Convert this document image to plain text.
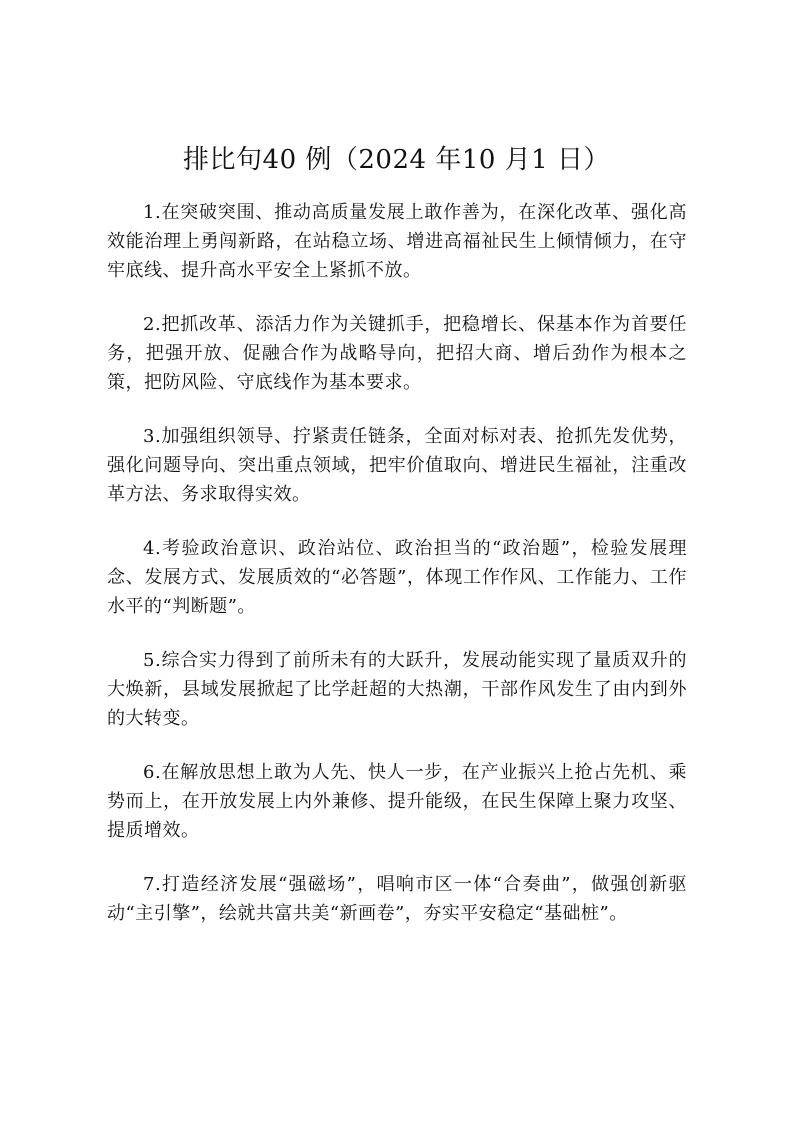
排比句40 例（2024 年10 月1 日）

1.在突破突围、推动高质量发展上敢作善为，在深化改革、强化高效能治理上勇闯新路，在站稳立场、增进高福祉民生上倾情倾力，在守牢底线、提升高水平安全上紧抓不放。

2.把抓改革、添活力作为关键抓手，把稳增长、保基本作为首要任务，把强开放、促融合作为战略导向，把招大商、增后劲作为根本之策，把防风险、守底线作为基本要求。

3.加强组织领导、拧紧责任链条，全面对标对表、抢抓先发优势，强化问题导向、突出重点领域，把牢价值取向、增进民生福祉，注重改革方法、务求取得实效。

4.考验政治意识、政治站位、政治担当的“政治题”，检验发展理念、发展方式、发展质效的“必答题”，体现工作作风、工作能力、工作水平的“判断题”。

5.综合实力得到了前所未有的大跃升，发展动能实现了量质双升的大焕新，县域发展掀起了比学赶超的大热潮，干部作风发生了由内到外的大转变。

6.在解放思想上敢为人先、快人一步，在产业振兴上抢占先机、乘势而上，在开放发展上内外兼修、提升能级，在民生保障上聚力攻坚、提质增效。

7.打造经济发展“强磁场”，唱响市区一体“合奏曲”，做强创新驱动“主引擎”，绘就共富共美“新画卷”，夯实平安稳定“基础桩”。
